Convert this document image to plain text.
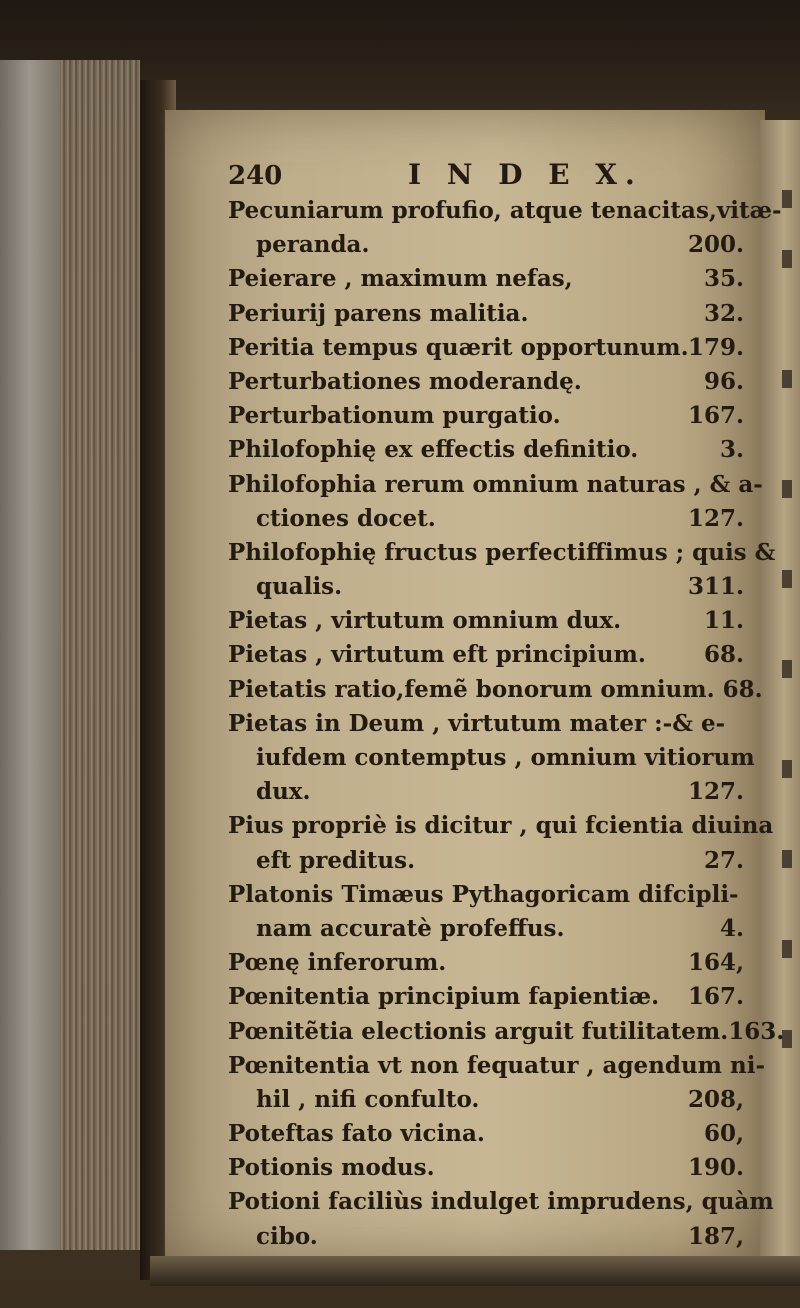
240	I N D E X.
Pecuniarum profufio, atque tenacitas,vitæ-
peranda.	200.
Peierare , maximum nefas,	35.
Periurij parens malitia.	32.
Peritia tempus quærit opportunum. 179.
Perturbationes moderandę.	96.
Perturbationum purgatio.	167.
Philofophię ex effectis definitio.	3.
Philofophia rerum omnium naturas , & a-
ctiones docet.	127.
Philofophię fructus perfectiffimus ; quis &
qualis.	311.
Pietas , virtutum omnium dux.	11.
Pietas , virtutum eft principium.	68.
Pietatis ratio,femẽ bonorum omnium. 68.
Pietas in Deum , virtutum mater :-& e-
iufdem contemptus , omnium vitiorum
dux.	127.
Pius propriè is dicitur , qui fcientia diuina
eft preditus.	27.
Platonis Timæus Pythagoricam difcipli-
nam accuratè profeffus.	4.
Pœnę inferorum.	164,
Pœnitentia principium fapientiæ. 167.
Pœnitẽtia electionis arguit futilitatem.163.
Pœnitentia vt non fequatur , agendum ni-
hil , nifi confulto.	208,
Poteftas fato vicina.	60,
Potionis modus.	190.
Potioni faciliùs indulget imprudens, quàm
cibo.	187,
